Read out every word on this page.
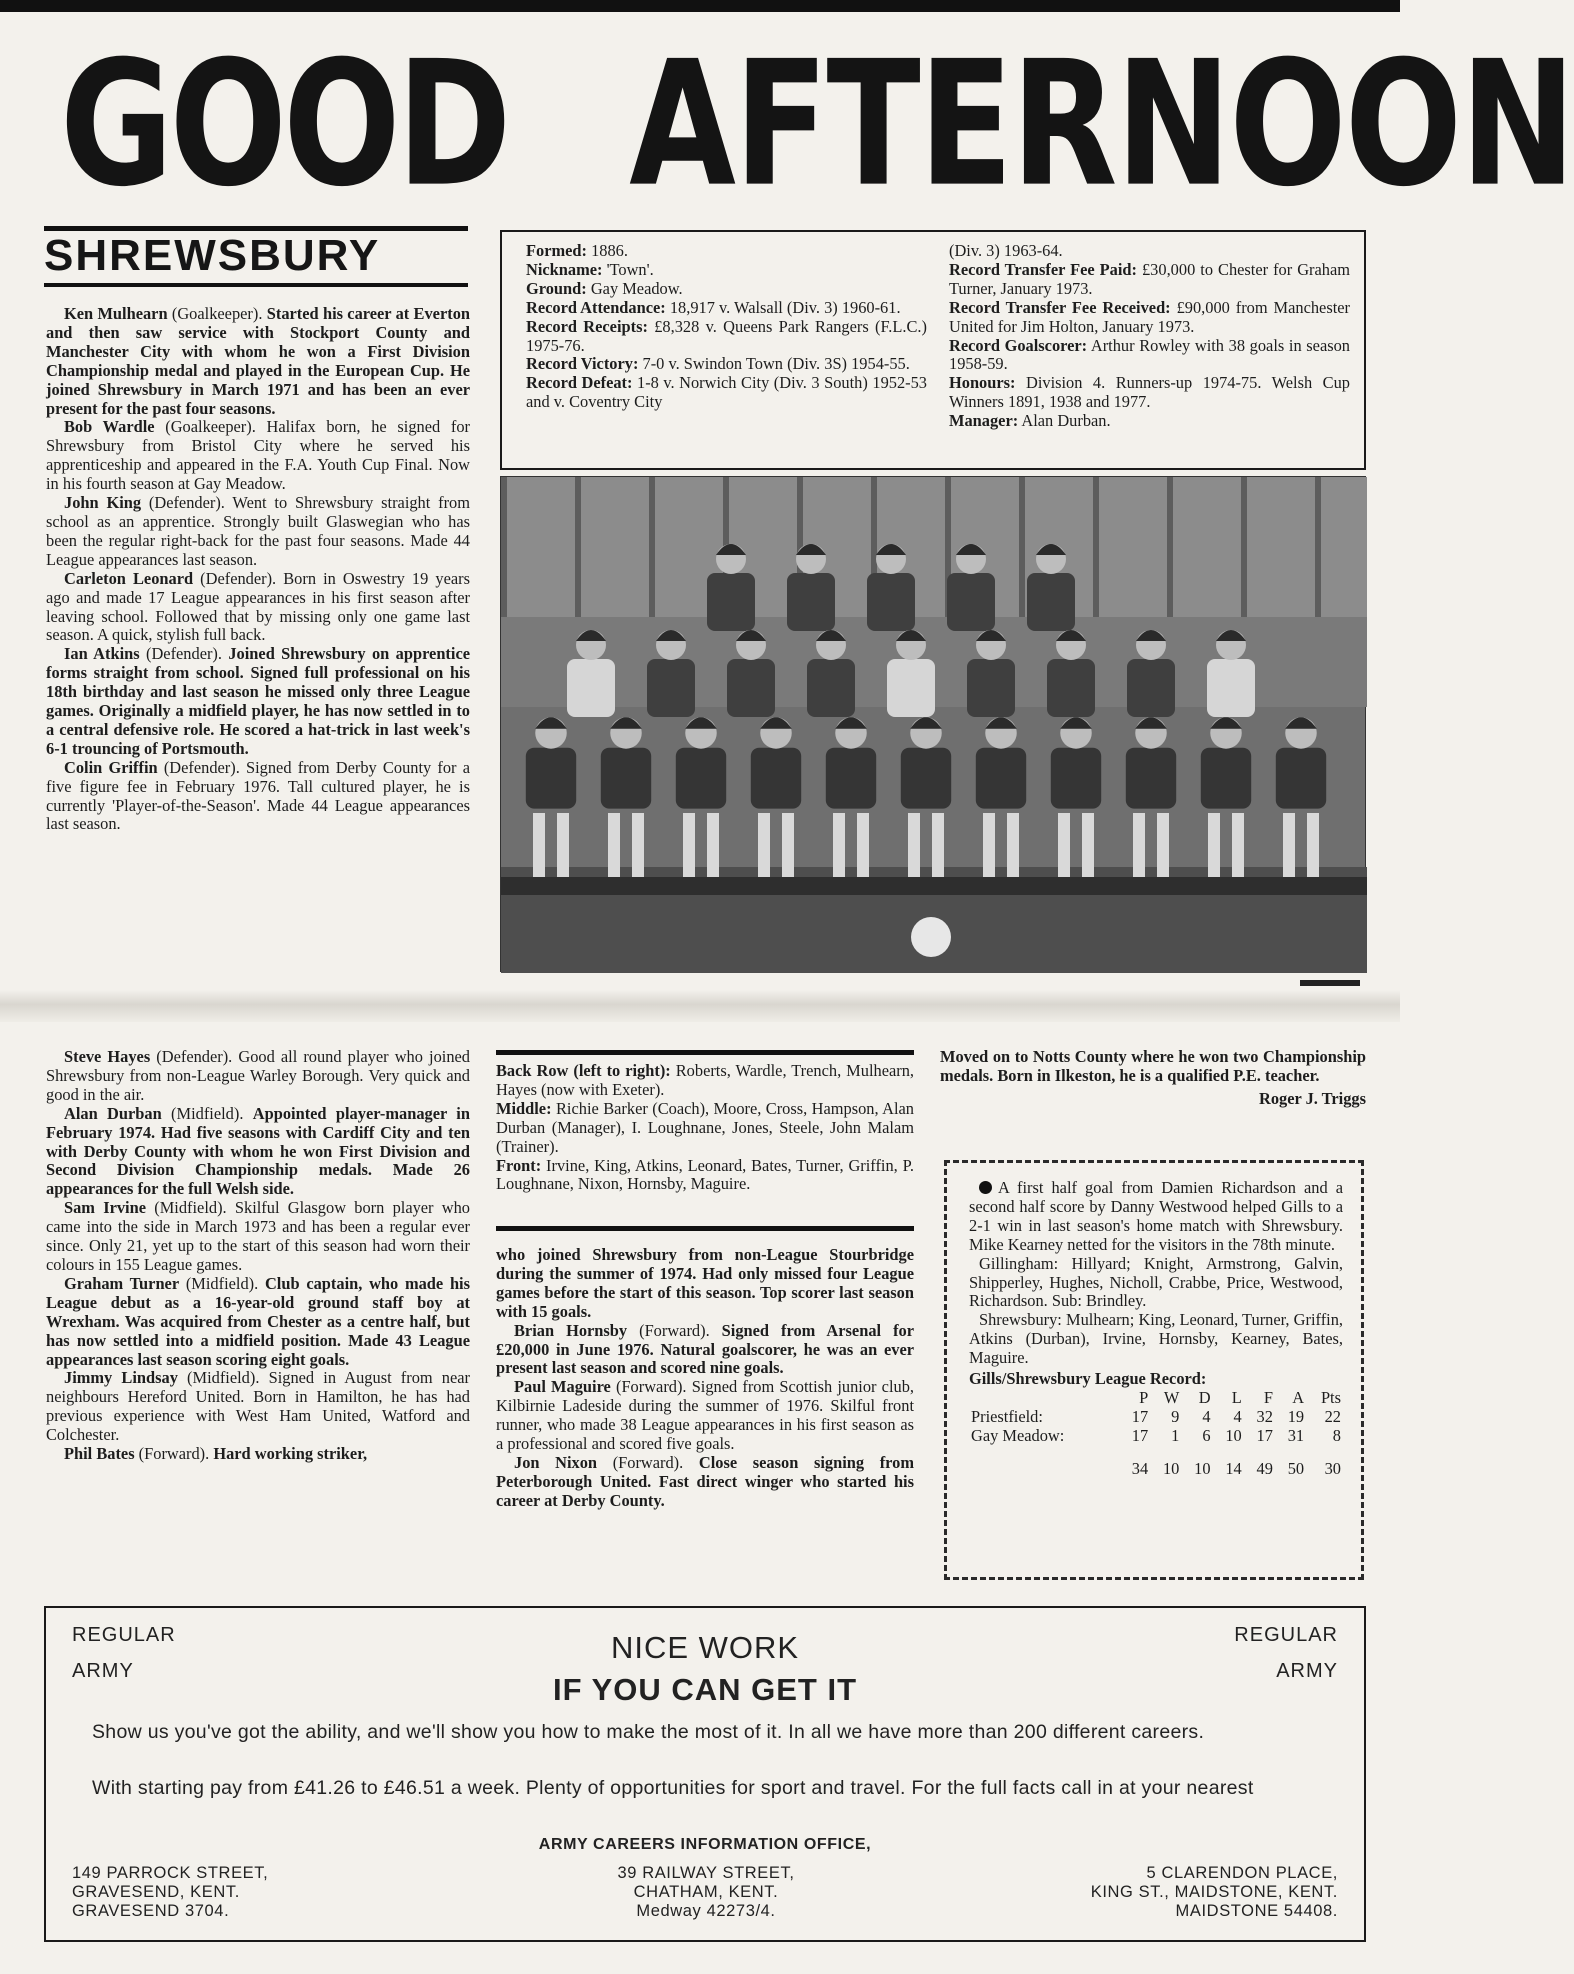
GOOD AFTERNOON
SHREWSBURY

Ken Mulhearn (Goalkeeper). Started his career at Everton and then saw service with Stockport County and Manchester City with whom he won a First Division Championship medal and played in the European Cup. He joined Shrewsbury in March 1971 and has been an ever present for the past four seasons.

Bob Wardle (Goalkeeper). Halifax born, he signed for Shrewsbury from Bristol City where he served his apprenticeship and appeared in the F.A. Youth Cup Final. Now in his fourth season at Gay Meadow.

John King (Defender). Went to Shrewsbury straight from school as an apprentice. Strongly built Glaswegian who has been the regular right-back for the past four seasons. Made 44 League appearances last season.

Carleton Leonard (Defender). Born in Oswestry 19 years ago and made 17 League appearances in his first season after leaving school. Followed that by missing only one game last season. A quick, stylish full back.

Ian Atkins (Defender). Joined Shrewsbury on apprentice forms straight from school. Signed full professional on his 18th birthday and last season he missed only three League games. Originally a midfield player, he has now settled in to a central defensive role. He scored a hat-trick in last week's 6-1 trouncing of Portsmouth.

Colin Griffin (Defender). Signed from Derby County for a five figure fee in February 1976. Tall cultured player, he is currently 'Player-of-the-Season'. Made 44 League appearances last season.

Formed: 1886.
Nickname: 'Town'.
Ground: Gay Meadow.
Record Attendance: 18,917 v. Walsall (Div. 3) 1960-61.
Record Receipts: £8,328 v. Queens Park Rangers (F.L.C.) 1975-76.
Record Victory: 7-0 v. Swindon Town (Div. 3S) 1954-55.
Record Defeat: 1-8 v. Norwich City (Div. 3 South) 1952-53 and v. Coventry City
(Div. 3) 1963-64.
Record Transfer Fee Paid: £30,000 to Chester for Graham Turner, January 1973.
Record Transfer Fee Received: £90,000 from Manchester United for Jim Holton, January 1973.
Record Goalscorer: Arthur Rowley with 38 goals in season 1958-59.
Honours: Division 4. Runners-up 1974-75. Welsh Cup Winners 1891, 1938 and 1977.
Manager: Alan Durban.

Steve Hayes (Defender). Good all round player who joined Shrewsbury from non-League Warley Borough. Very quick and good in the air.

Alan Durban (Midfield). Appointed player-manager in February 1974. Had five seasons with Cardiff City and ten with Derby County with whom he won First Division and Second Division Championship medals. Made 26 appearances for the full Welsh side.

Sam Irvine (Midfield). Skilful Glasgow born player who came into the side in March 1973 and has been a regular ever since. Only 21, yet up to the start of this season had worn their colours in 155 League games.

Graham Turner (Midfield). Club captain, who made his League debut as a 16-year-old ground staff boy at Wrexham. Was acquired from Chester as a centre half, but has now settled into a midfield position. Made 43 League appearances last season scoring eight goals.

Jimmy Lindsay (Midfield). Signed in August from near neighbours Hereford United. Born in Hamilton, he has had previous experience with West Ham United, Watford and Colchester.

Phil Bates (Forward). Hard working striker,

Back Row (left to right): Roberts, Wardle, Trench, Mulhearn, Hayes (now with Exeter).
Middle: Richie Barker (Coach), Moore, Cross, Hampson, Alan Durban (Manager), I. Loughnane, Jones, Steele, John Malam (Trainer).
Front: Irvine, King, Atkins, Leonard, Bates, Turner, Griffin, P. Loughnane, Nixon, Hornsby, Maguire.

who joined Shrewsbury from non-League Stourbridge during the summer of 1974. Had only missed four League games before the start of this season. Top scorer last season with 15 goals.

Brian Hornsby (Forward). Signed from Arsenal for £20,000 in June 1976. Natural goalscorer, he was an ever present last season and scored nine goals.

Paul Maguire (Forward). Signed from Scottish junior club, Kilbirnie Ladeside during the summer of 1976. Skilful front runner, who made 38 League appearances in his first season as a professional and scored five goals.

Jon Nixon (Forward). Close season signing from Peterborough United. Fast direct winger who started his career at Derby County.

Moved on to Notts County where he won two Championship medals. Born in Ilkeston, he is a qualified P.E. teacher.

Roger J. Triggs

A first half goal from Damien Richardson and a second half score by Danny Westwood helped Gills to a 2-1 win in last season's home match with Shrewsbury. Mike Kearney netted for the visitors in the 78th minute.

Gillingham: Hillyard; Knight, Armstrong, Galvin, Shipperley, Hughes, Nicholl, Crabbe, Price, Westwood, Richardson. Sub: Brindley.

Shrewsbury: Mulhearn; King, Leonard, Turner, Griffin, Atkins (Durban), Irvine, Hornsby, Kearney, Bates, Maguire.

Gills/Shrewsbury League Record:
	P	W	D	L	F	A	Pts
Priestfield:	17	9	4	4	32	19	22
Gay Meadow:	17	1	6	10	17	31	8
	34	10	10	14	49	50	30
REGULAR
ARMY
REGULAR
ARMY
NICE WORK
IF YOU CAN GET IT
Show us you've got the ability, and we'll show you how to make the most of it. In all we have more than 200 different careers.
With starting pay from £41.26 to £46.51 a week. Plenty of opportunities for sport and travel. For the full facts call in at your nearest
ARMY CAREERS INFORMATION OFFICE,
149 PARROCK STREET,
GRAVESEND, KENT.
GRAVESEND 3704.
39 RAILWAY STREET,
CHATHAM, KENT.
Medway 42273/4.
5 CLARENDON PLACE,
KING ST., MAIDSTONE, KENT.
MAIDSTONE 54408.
